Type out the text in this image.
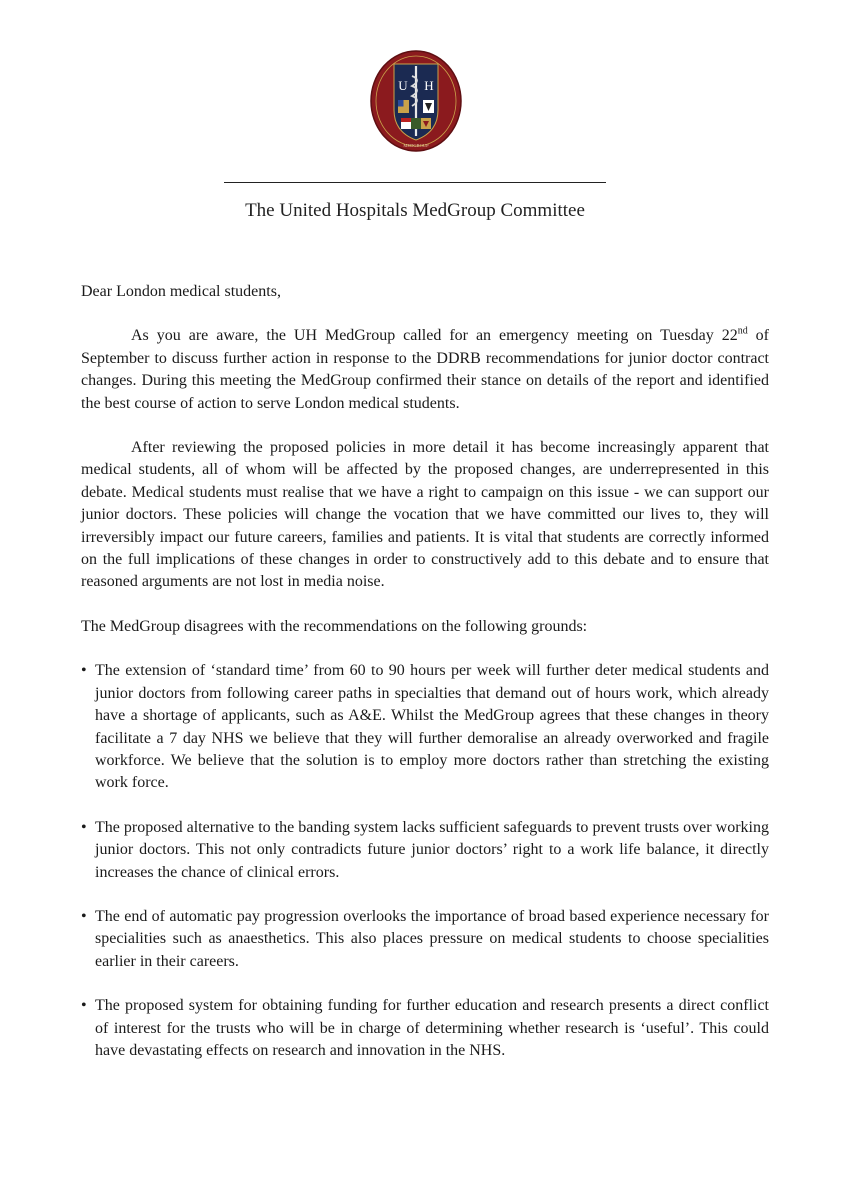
U H
MEDGROUP
The United Hospitals MedGroup Committee

Dear London medical students,

As you are aware, the UH MedGroup called for an emergency meeting on Tuesday 22nd of September to discuss further action in response to the DDRB recommendations for junior doctor contract changes. During this meeting the MedGroup confirmed their stance on details of the report and identified the best course of action to serve London medical students.

After reviewing the proposed policies in more detail it has become increasingly apparent that medical students, all of whom will be affected by the proposed changes, are underrepresented in this debate. Medical students must realise that we have a right to campaign on this issue - we can support our junior doctors. These policies will change the vocation that we have committed our lives to, they will irreversibly impact our future careers, families and patients. It is vital that students are correctly informed on the full implications of these changes in order to constructively add to this debate and to ensure that reasoned arguments are not lost in media noise.

The MedGroup disagrees with the recommendations on the following grounds:

• The extension of ‘standard time’ from 60 to 90 hours per week will further deter medical students and junior doctors from following career paths in specialties that demand out of hours work, which already have a shortage of applicants, such as A&E. Whilst the MedGroup agrees that these changes in theory facilitate a 7 day NHS we believe that they will further demoralise an already overworked and fragile workforce. We believe that the solution is to employ more doctors rather than stretching the existing work force.
• The proposed alternative to the banding system lacks sufficient safeguards to prevent trusts over working junior doctors. This not only contradicts future junior doctors’ right to a work life balance, it directly increases the chance of clinical errors.
• The end of automatic pay progression overlooks the importance of broad based experience necessary for specialities such as anaesthetics. This also places pressure on medical students to choose specialities earlier in their careers.
• The proposed system for obtaining funding for further education and research presents a direct conflict of interest for the trusts who will be in charge of determining whether research is ‘useful’. This could have devastating effects on research and innovation in the NHS.
